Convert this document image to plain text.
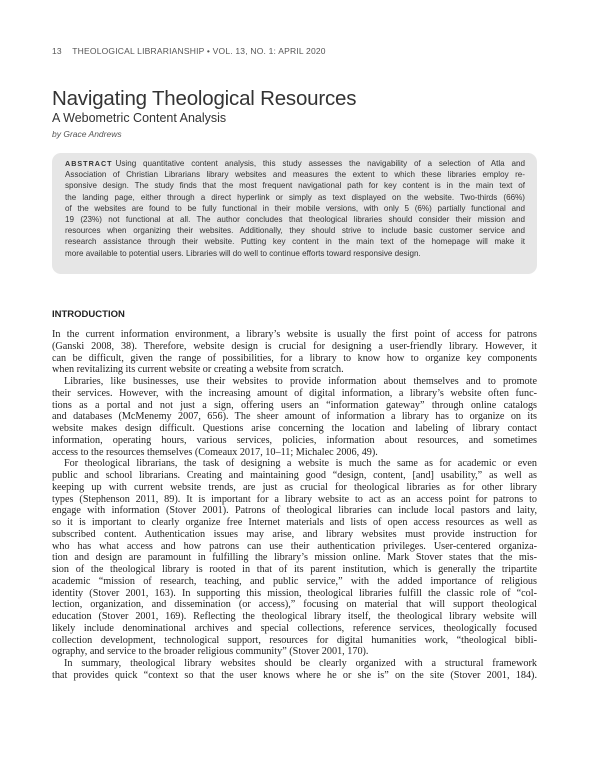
13 THEOLOGICAL LIBRARIANSHIP • VOL. 13, NO. 1: APRIL 2020
Navigating Theological Resources
A Webometric Content Analysis
by Grace Andrews
ABSTRACT Using quantitative content analysis, this study assesses the navigability of a selection of Atla and
Association of Christian Librarians library websites and measures the extent to which these libraries employ re-
sponsive design. The study finds that the most frequent navigational path for key content is in the main text of
the landing page, either through a direct hyperlink or simply as text displayed on the website. Two-thirds (66%)
of the websites are found to be fully functional in their mobile versions, with only 5 (6%) partially functional and
19 (23%) not functional at all. The author concludes that theological libraries should consider their mission and
resources when organizing their websites. Additionally, they should strive to include basic customer service and
research assistance through their website. Putting key content in the main text of the homepage will make it
more available to potential users. Libraries will do well to continue efforts toward responsive design.
INTRODUCTION
In the current information environment, a library’s website is usually the first point of access for patrons
(Ganski 2008, 38). Therefore, website design is crucial for designing a user-friendly library. However, it
can be difficult, given the range of possibilities, for a library to know how to organize key components
when revitalizing its current website or creating a website from scratch.
Libraries, like businesses, use their websites to provide information about themselves and to promote
their services. However, with the increasing amount of digital information, a library’s website often func-
tions as a portal and not just a sign, offering users an “information gateway” through online catalogs
and databases (McMenemy 2007, 656). The sheer amount of information a library has to organize on its
website makes design difficult. Questions arise concerning the location and labeling of library contact
information, operating hours, various services, policies, information about resources, and sometimes
access to the resources themselves (Comeaux 2017, 10–11; Michalec 2006, 49).
For theological librarians, the task of designing a website is much the same as for academic or even
public and school librarians. Creating and maintaining good “design, content, [and] usability,” as well as
keeping up with current website trends, are just as crucial for theological libraries as for other library
types (Stephenson 2011, 89). It is important for a library website to act as an access point for patrons to
engage with information (Stover 2001). Patrons of theological libraries can include local pastors and laity,
so it is important to clearly organize free Internet materials and lists of open access resources as well as
subscribed content. Authentication issues may arise, and library websites must provide instruction for
who has what access and how patrons can use their authentication privileges. User-centered organiza-
tion and design are paramount in fulfilling the library’s mission online. Mark Stover states that the mis-
sion of the theological library is rooted in that of its parent institution, which is generally the tripartite
academic “mission of research, teaching, and public service,” with the added importance of religious
identity (Stover 2001, 163). In supporting this mission, theological libraries fulfill the classic role of “col-
lection, organization, and dissemination (or access),” focusing on material that will support theological
education (Stover 2001, 169). Reflecting the theological library itself, the theological library website will
likely include denominational archives and special collections, reference services, theologically focused
collection development, technological support, resources for digital humanities work, “theological bibli-
ography, and service to the broader religious community” (Stover 2001, 170).
In summary, theological library websites should be clearly organized with a structural framework
that provides quick “context so that the user knows where he or she is” on the site (Stover 2001, 184).
